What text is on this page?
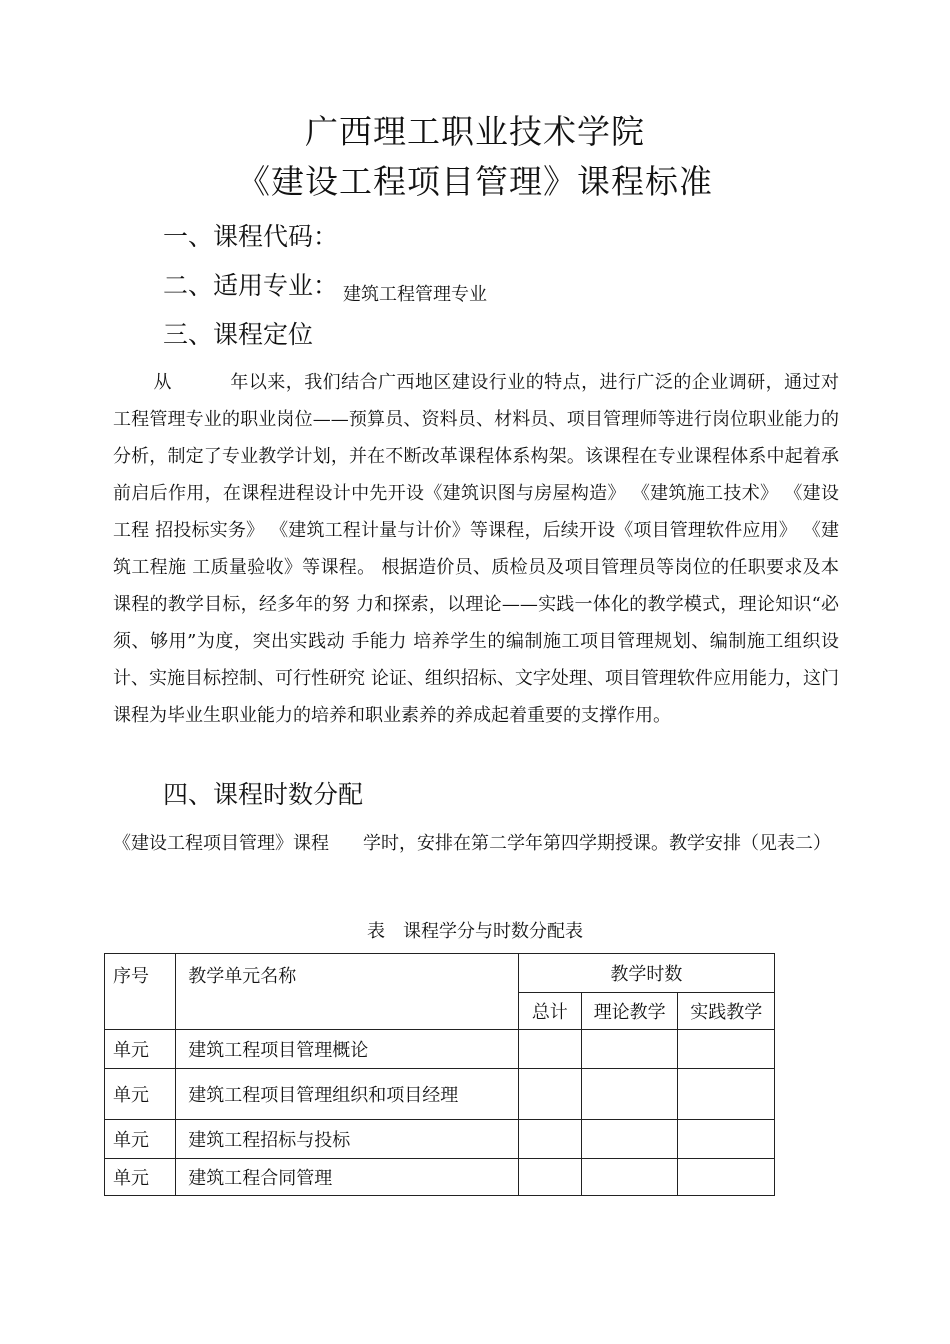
广西理工职业技术学院
《建设工程项目管理》课程标准
一、课程代码：
二、适用专业： 建筑工程管理专业
三、课程定位

从	年以来，我们结合广西地区建设行业的特点，进行广泛的企业调研，通过对 工程管理专业的职业岗位——预算员、资料员、材料员、项目管理师等进行岗位职业能力的 分析，制定了专业教学计划，并在不断改革课程体系构架。该课程在专业课程体系中起着承 前启后作用，在课程进程设计中先开设《建筑识图与房屋构造》 《建筑施工技术》 《建设工程 招投标实务》 《建筑工程计量与计价》等课程，后续开设《项目管理软件应用》 《建筑工程施 工质量验收》等课程。 根据造价员、质检员及项目管理员等岗位的任职要求及本课程的教学目标，经多年的努 力和探索，以理论——实践一体化的教学模式，理论知识“必须、够用”为度，突出实践动 手能力 培养学生的编制施工项目管理规划、编制施工组织设计、实施目标控制、可行性研究 论证、组织招标、文字处理、项目管理软件应用能力，这门课程为毕业生职业能力的培养和职业素养的养成起着重要的支撑作用。

四、课程时数分配

《建设工程项目管理》课程 学时，安排在第二学年第四学期授课。教学安排（见表二）

表 课程学分与时数分配表
序号	教学单元名称	教学时数		
		总计	理论教学	实践教学
单元	建筑工程项目管理概论			
单元	建筑工程项目管理组织和项目经理			
单元	建筑工程招标与投标			
单元	建筑工程合同管理			
